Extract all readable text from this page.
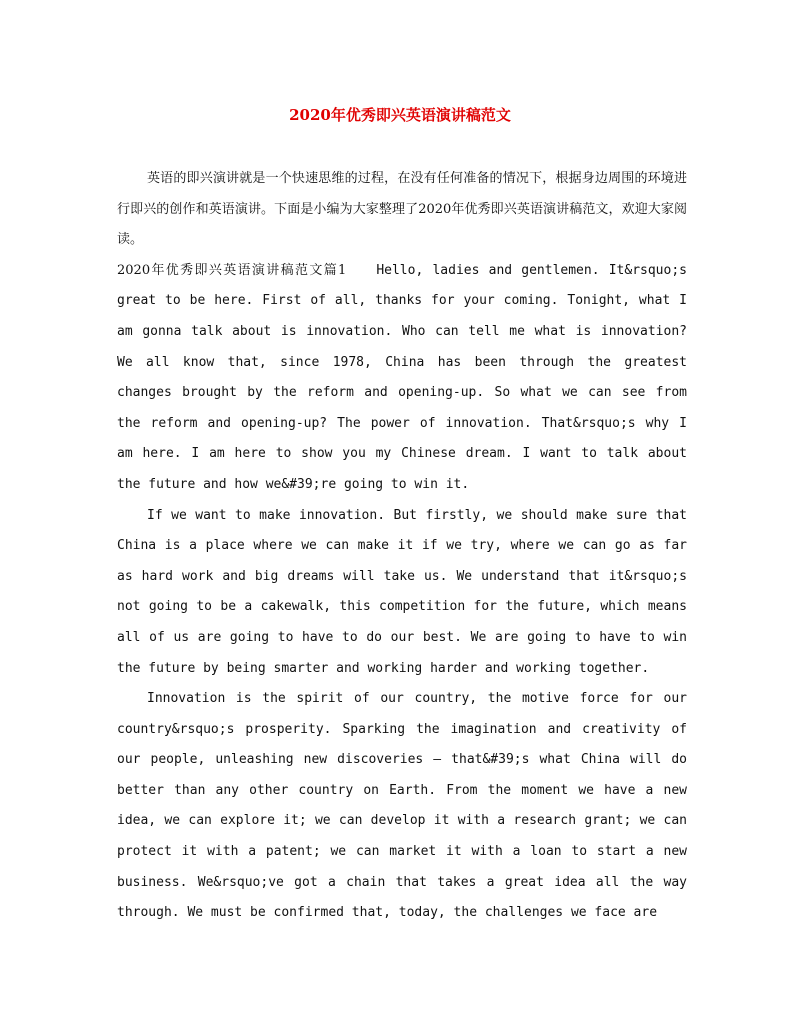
2020年优秀即兴英语演讲稿范文

英语的即兴演讲就是一个快速思维的过程，在没有任何准备的情况下，根据身边周围的环境进行即兴的创作和英语演讲。下面是小编为大家整理了2020年优秀即兴英语演讲稿范文，欢迎大家阅读。

2020年优秀即兴英语演讲稿范文篇1 Hello, ladies and gentlemen. It&rsquo;s great to be here. First of all, thanks for your coming. Tonight, what I am gonna talk about is innovation. Who can tell me what is innovation? We all know that, since 1978, China has been through the greatest changes brought by the reform and opening-up. So what we can see from the reform and opening-up? The power of innovation. That&rsquo;s why I am here. I am here to show you my Chinese dream. I want to talk about the future and how we&#39;re going to win it.

If we want to make innovation. But firstly, we should make sure that China is a place where we can make it if we try, where we can go as far as hard work and big dreams will take us. We understand that it&rsquo;s not going to be a cakewalk, this competition for the future, which means all of us are going to have to do our best. We are going to have to win the future by being smarter and working harder and working together.

Innovation is the spirit of our country, the motive force for our country&rsquo;s prosperity. Sparking the imagination and creativity of our people, unleashing new discoveries — that&#39;s what China will do better than any other country on Earth. From the moment we have a new idea, we can explore it; we can develop it with a research grant; we can protect it with a patent; we can market it with a loan to start a new business. We&rsquo;ve got a chain that takes a great idea all the way through. We must be confirmed that, today, the challenges we face are
